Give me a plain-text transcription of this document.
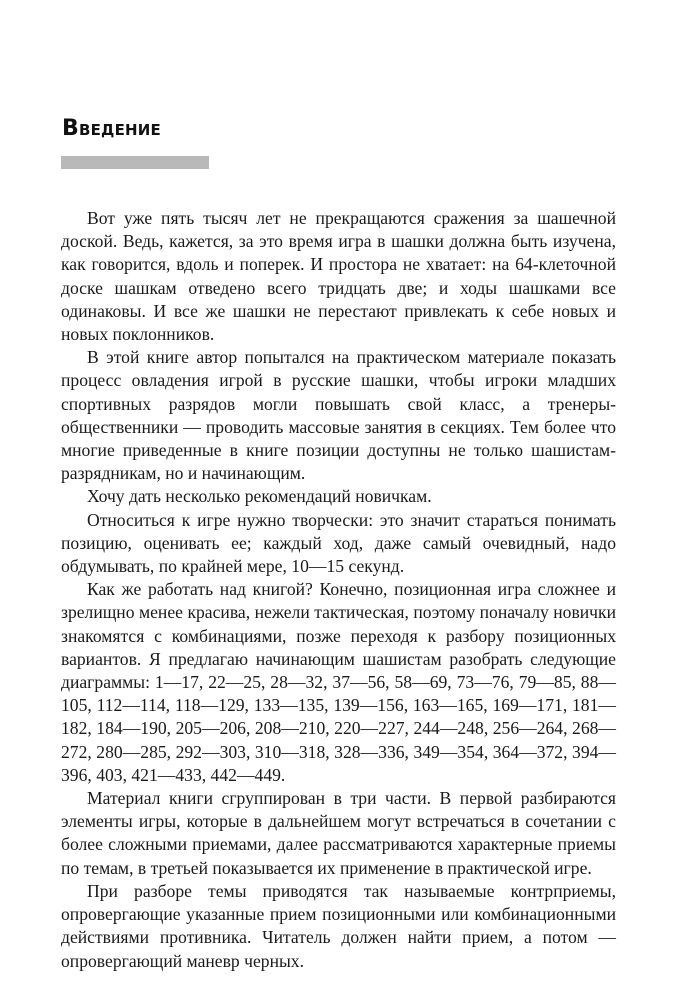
Введение

Вот уже пять тысяч лет не прекращаются сражения за шашечной доской. Ведь, кажется, за это время игра в шашки должна быть изучена, как говорится, вдоль и поперек. И простора не хватает: на 64-клеточной доске шашкам отведено всего тридцать две; и ходы шашками все одинаковы. И все же шашки не перестают привлекать к себе новых и новых поклонников.

В этой книге автор попытался на практическом материале показать процесс овладения игрой в русские шашки, чтобы игроки младших спортивных разрядов могли повышать свой класс, а тренеры-общественники — проводить массовые занятия в секциях. Тем более что многие приведенные в книге позиции доступны не только шашистам-разрядникам, но и начинающим.

Хочу дать несколько рекомендаций новичкам.

Относиться к игре нужно творчески: это значит стараться понимать позицию, оценивать ее; каждый ход, даже самый очевидный, надо обдумывать, по крайней мере, 10—15 секунд.

Как же работать над книгой? Конечно, позиционная игра сложнее и зрелищно менее красива, нежели тактическая, поэтому поначалу новички знакомятся с комбинациями, позже переходя к разбору позиционных вариантов. Я предлагаю начинающим шашистам разобрать следующие диаграммы: 1—17, 22—25, 28—32, 37—56, 58—69, 73—76, 79—85, 88—105, 112—114, 118—129, 133—135, 139—156, 163—165, 169—171, 181—182, 184—190, 205—206, 208—210, 220—227, 244—248, 256—264, 268—272, 280—285, 292—303, 310—318, 328—336, 349—354, 364—372, 394—396, 403, 421—433, 442—449.

Материал книги сгруппирован в три части. В первой разбираются элементы игры, которые в дальнейшем могут встречаться в сочетании с более сложными приемами, далее рассматриваются характерные приемы по темам, в третьей показывается их применение в практической игре.

При разборе темы приводятся так называемые контрприемы, опровергающие указанные прием позиционными или комбинационными действиями противника. Читатель должен найти прием, а потом — опровергающий маневр черных.
